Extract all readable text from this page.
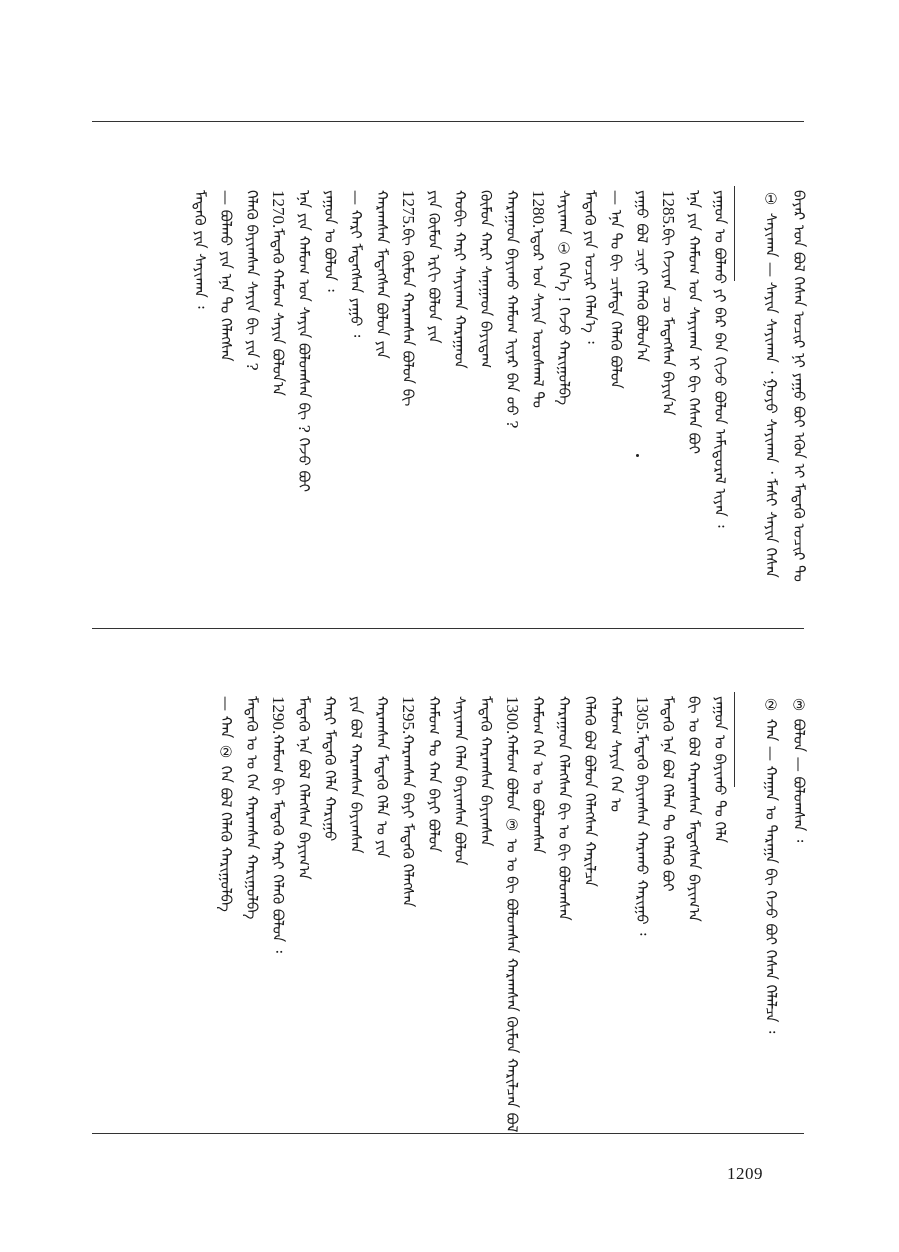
ᠪᠠᠶᠠᠷ ᠤᠨ ᠪᠣᠯ ᠭᠡᠰᠡᠨ ᠤᠴᠢᠷ ᠨᠢ ᠶᠠᠭᠤ ᠪᠣᠢ ᠡᠭᠦᠨ ᠢ ᠮᠡᠳᠡᠬᠦ ᠤᠴᠢᠷ ᠲᠤ
① ᠰᠠᠶᠢᠬᠠᠨ — ᠰᠠᠶᠢᠨ ᠰᠠᠶᠢᠬᠠᠨ ᠂ ᠭᠣᠶᠣ ᠰᠠᠶᠢᠬᠠᠨ ᠂ ᠮᠠᠰᠢ ᠰᠠᠶᠢᠨ ᠭᠡᠰᠡᠨ
ᠶᠠᠭᠤᠨ ᠤ ᠪᠣᠯᠬᠤ ᠶᠢ ᠪᠠᠷ ᠪᠡᠨ ᠬᠢᠵᠦ ᠪᠣᠯᠤᠨ ᠠᠮᠢᠳᠤᠷᠠᠯ ᠢᠶᠠᠨ ᠄
ᠡᠨᠡ ᠶᠢᠨ ᠬᠠᠮᠤᠭ ᠤᠨ ᠰᠠᠶᠢᠬᠠᠨ ᠢ ᠪᠢ ᠭᠡᠰᠡᠨ ᠪᠣᠢ
1285.ᠪᠢ ᠬᠡᠵᠢᠶᠡᠨ ᠴᠤ ᠮᠡᠳᠡᠭᠰᠡᠨ ᠪᠠᠶᠢᠨ᠎ᠠ
ᠶᠠᠭᠤ ᠪᠣᠯ ᠴᠢᠨᠢ ᠬᠡᠯᠡᠬᠦ ᠪᠣᠯᠤᠨ᠎ᠠ
— ᠡᠨᠡ ᠲᠤ ᠪᠢ ᠴᠢᠮᠠᠳᠠ ᠬᠡᠯᠡᠬᠦ ᠪᠣᠯᠤᠨ
ᠮᠡᠳᠡᠬᠦ ᠶᠢᠨ ᠤᠴᠢᠷ ᠬᠡᠯᠡᠨ᠎ᠡ ᠄
ᠰᠠᠶᠢᠬᠠᠨ ① ᠭᠡᠨ᠎ᠡ ! ᠭᠡᠵᠦ ᠬᠠᠷᠢᠭᠤᠯᠪᠠ
1280.ᠡᠳᠦᠷ ᠤᠨ ᠰᠠᠶᠢᠨ ᠤᠷᠤᠰᠬᠠᠯ ᠲᠤ
ᠬᠠᠷᠠᠭᠠᠳ ᠪᠠᠶᠢᠬᠤ ᠬᠠᠮᠤᠭ ᠢᠶᠡᠷ ᠪᠡᠨ ᠤᠤ ?
ᠬᠦᠮᠦᠨ ᠬᠠᠷᠢ ᠰᠠᠨᠠᠭᠠᠳ ᠪᠠᠶᠢᠳᠠᠭ
ᠬᠤᠪᠢ ᠬᠠᠷᠢ ᠰᠠᠶᠢᠬᠠᠨ ᠬᠠᠷᠠᠭᠠᠳ
ᠶᠢᠨ ᠬᠦᠮᠦᠨ ᠡᠷᠬᠢ ᠪᠣᠯᠤᠨ ᠶᠢᠨ
1275.ᠪᠢ ᠬᠦᠮᠦᠨ ᠬᠠᠷᠠᠭᠰᠠᠨ ᠪᠣᠯᠤᠨ ᠪᠢ
ᠬᠠᠷᠠᠭᠰᠠᠨ ᠮᠡᠳᠡᠭᠰᠡᠨ ᠪᠣᠯᠤᠨ ᠶᠢᠨ
— ᠬᠠᠷᠢ ᠮᠡᠳᠡᠭᠰᠡᠨ ᠶᠠᠭᠤ ᠄
ᠶᠠᠭᠤᠨ ᠤ ᠪᠣᠯᠤᠨ ᠄
ᠡᠨᠡ ᠶᠢᠨ ᠬᠠᠮᠤᠭ ᠤᠨ ᠰᠠᠶᠢᠨ ᠪᠣᠯᠤᠭᠰᠠᠨ ᠪᠢ ? ᠭᠡᠵᠦ ᠪᠣᠢ
1270.ᠮᠡᠳᠡᠬᠦ ᠬᠠᠮᠤᠭ ᠰᠠᠶᠢᠨ ᠪᠣᠯᠤᠨ᠎ᠠ
ᠬᠡᠯᠡᠬᠦ ᠪᠠᠶᠢᠭᠰᠠᠨ ᠰᠠᠶᠢᠨ ᠪᠢ ᠶᠢᠨ ?
— ᠪᠣᠯᠬᠤ ᠶᠢᠨ ᠡᠨᠡ ᠲᠤ ᠬᠡᠯᠡᠭᠰᠡᠨ
ᠮᠡᠳᠡᠬᠦ ᠶᠢᠨ ᠰᠠᠶᠢᠬᠠᠨ ᠄
③ ᠪᠣᠯᠤᠨ — ᠪᠣᠯᠤᠭᠰᠠᠨ ᠄
② ᠬᠠᠨ — ᠬᠠᠭᠠᠨ ᠤ ᠲᠠᠷᠠᠭᠠ ᠪᠢ ᠬᠡᠵᠦ ᠪᠣᠢ ᠭᠡᠰᠡᠨ ᠬᠡᠯᠡᠯᠴᠡ ᠄
ᠶᠠᠭᠤᠨ ᠤ ᠪᠠᠶᠢᠬᠤ ᠲᠤ ᠬᠡᠯᠡ
ᠪᠢ ᠤ ᠪᠣᠯ ᠬᠠᠷᠠᠭᠰᠠᠨ ᠮᠡᠳᠡᠭᠰᠡᠨ ᠪᠠᠶᠢᠭ᠎ᠠ
ᠮᠡᠳᠡᠬᠦ ᠡᠨᠡ ᠪᠣᠯ ᠬᠡᠯᠡᠨ ᠲᠤ ᠬᠡᠯᠡᠬᠦ ᠪᠣᠢ
1305.ᠮᠡᠳᠡᠬᠦ ᠪᠠᠶᠢᠭᠰᠠᠨ ᠬᠠᠷᠠᠬᠤ ᠬᠠᠷᠢᠭᠤ ᠄
ᠬᠠᠮᠤᠭ ᠰᠠᠶᠢᠨ ᠬᠡᠨ ᠤ
ᠬᠡᠯᠡᠬᠦ ᠪᠣᠯ ᠪᠣᠯᠤᠨ ᠬᠡᠯᠡᠭᠰᠡᠨ ᠬᠠᠷᠢᠯᠴᠠ
ᠬᠠᠷᠠᠭᠠᠳ ᠬᠡᠯᠡᠭᠰᠡᠨ ᠪᠢ ᠤ ᠪᠢ ᠪᠣᠯᠤᠭᠰᠠᠨ
ᠬᠠᠮᠤᠭ ᠬᠡᠨ ᠤ ᠤ ᠪᠣᠯᠤᠭᠰᠠᠨ
1300.ᠬᠠᠮᠤᠭ ᠪᠣᠯᠤᠨ ③ ᠤ ᠤ ᠪᠢ ᠪᠣᠯᠤᠭᠰᠠᠨ ᠬᠠᠷᠠᠭᠰᠠᠨ ᠬᠦᠮᠦᠨ ᠬᠠᠷᠢᠯᠴᠠᠨ ᠪᠣᠯ
ᠮᠡᠳᠡᠬᠦ ᠬᠠᠷᠠᠭᠰᠠᠨ ᠪᠠᠶᠢᠭᠰᠠᠨ
ᠰᠠᠶᠢᠬᠠᠨ ᠬᠡᠯᠡᠨ ᠪᠠᠶᠢᠭᠰᠠᠨ ᠪᠣᠯᠤᠨ
ᠬᠠᠮᠤᠭ ᠲᠤ ᠬᠠᠨ ᠪᠠᠶᠢ ᠪᠣᠯᠤᠨ
1295.ᠬᠠᠷᠠᠭᠰᠠᠨ ᠪᠠᠶᠢ ᠮᠡᠳᠡᠬᠦ ᠬᠡᠯᠡᠭᠰᠡᠨ
ᠬᠠᠷᠠᠭᠰᠠᠨ ᠮᠡᠳᠡᠬᠦ ᠬᠡᠯᠡ ᠤ ᠶᠢᠨ
ᠶᠢᠨ ᠪᠣᠯ ᠬᠠᠷᠠᠭᠰᠠᠨ ᠪᠠᠶᠢᠭᠰᠠᠨ
ᠬᠠᠷᠢ ᠮᠡᠳᠡᠬᠦ ᠬᠡᠯᠡ ᠬᠠᠷᠢᠭᠤ
ᠮᠡᠳᠡᠬᠦ ᠡᠨᠡ ᠪᠣᠯ ᠬᠡᠯᠡᠭᠰᠡᠨ ᠪᠠᠶᠢᠭ᠎ᠠ
1290.ᠬᠠᠮᠤᠭ ᠪᠢ ᠮᠡᠳᠡᠬᠦ ᠬᠠᠷᠢ ᠬᠡᠯᠡᠬᠦ ᠪᠣᠯᠤᠨ ᠄
ᠮᠡᠳᠡᠬᠦ ᠤ ᠤ ᠬᠡᠨ ᠬᠠᠷᠠᠭᠰᠠᠨ ᠬᠠᠷᠢᠭᠤᠯᠪᠠ
— ᠬᠠᠨ ② ᠬᠡᠨ ᠪᠣᠯ ᠬᠡᠯᠡᠬᠦ ᠬᠠᠷᠢᠭᠤᠯᠪᠠ
1209
